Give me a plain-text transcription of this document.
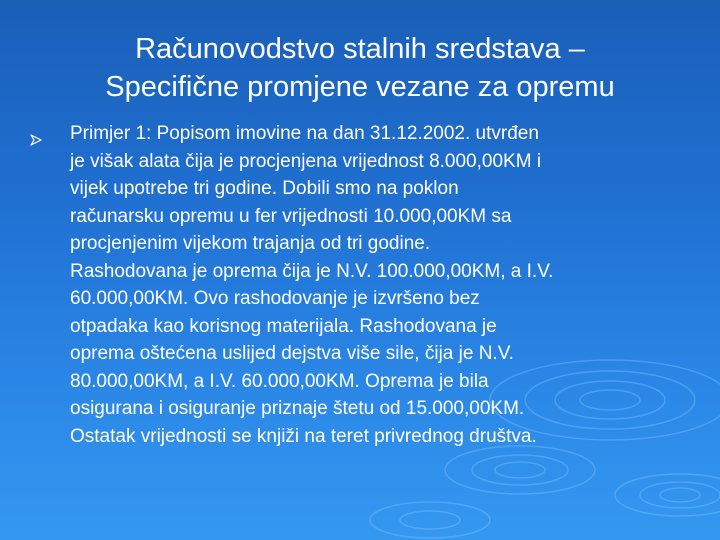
Računovodstvo stalnih sredstava –
Specifične promjene vezane za opremu
Primjer 1: Popisom imovine na dan 31.12.2002. utvrđen
je višak alata čija je procjenjena vrijednost 8.000,00KM i
vijek upotrebe tri godine. Dobili smo na poklon
računarsku opremu u fer vrijednosti 10.000,00KM sa
procjenjenim vijekom trajanja od tri godine.
Rashodovana je oprema čija je N.V. 100.000,00KM, a I.V.
60.000,00KM. Ovo rashodovanje je izvršeno bez
otpadaka kao korisnog materijala. Rashodovana je
oprema oštećena uslijed dejstva više sile, čija je N.V.
80.000,00KM, a I.V. 60.000,00KM. Oprema je bila
osigurana i osiguranje priznaje štetu od 15.000,00KM.
Ostatak vrijednosti se knjiži na teret privrednog društva.
